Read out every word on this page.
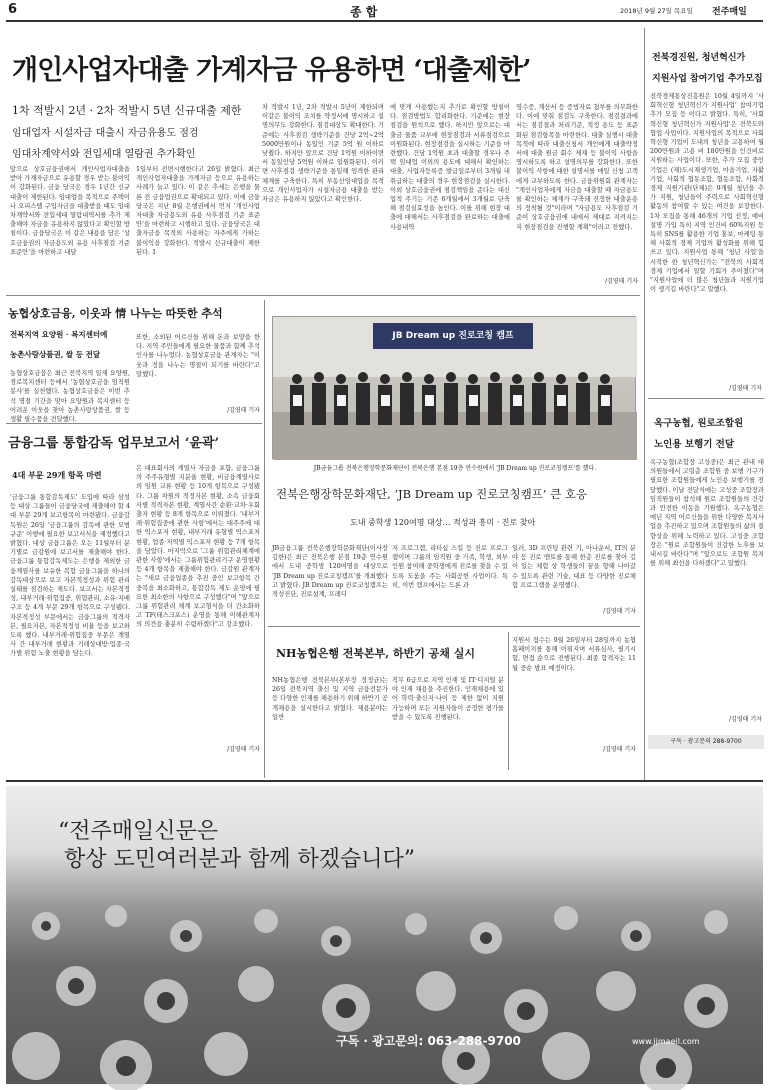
6	종 합	2018년 9월 27일 목요일 전주매일
개인사업자대출 가계자금 유용하면 ‘대출제한’
1차 적발시 2년 · 2차 적발시 5년 신규대출 제한
임대업자 시설자금 대출시 자금유용도 점검
임대차계약서와 전입세대 열람권 추가확인
앞으로 상호금융권에서 개인사업자대출을 받아 가계자금으로 유용할 경우 받는 불이익이 강화된다. 금융 당국은 경우 1년간 신규대출이 제한된다. 임대업을 목적으로 주택이나 오피스텔 구입자금을 대출받을 때도 임대차계약서와 전입세대 열람내역서를 추가 제출해야 자금을 유용하지 않았다고 확인할 방침이다. 금융당국은 이 같은 내용을 담은 '상호금융권의 자금용도외 유용 사후점검 기준 표준안'을 마련하고 내달
1일부터 전면시행한다고 26일 밝혔다. 최근 개인사업자대출을 가계자금 등으로 유용하는 사례가 늘고 있다. 이 같은 추세는 은행을 물론 전 금융업권으로 확대되고 있다. 이에 금융당국은 지난 8월 은행권에서 먼저 '개인사업자대출 자금용도외 유용 사후점검 기준 표준안'을 마련하고 시행하고 있다. 금융당국은 대출자금을 목적외 사용하는 자주에게 가하는 불이익을 강화한다. 적발시 신규대출이 제한된다. 1
차 적발시 1년, 2차 적발시 5년이 제한되며 이같은 불이익 조치를 약정서에 명시하고 설명의무도 강화한다. 점검대상도 확대한다. 기준에는 사후점검 생략기준을 건당 2억~2억 5000만원이나 동일인 기준 5억 원 이하로 낮췄다. 하지만 앞으로 건당 1억원 이하이면서 동일인당 5억원 이하로 일원화된다. 이러면 사후점검 생략기준을 통일해 엄격한 관리체계를 구축한다. 특히 부동산임대업을 목적으로 개인사업자가 시설자금용 대출을 받는 자금은 유용하지 않았다고 확인한다.
에 맞게 사용했는지 추가로 확인할 방침이다. 점검방법도 합리화한다. 기준에는 현장점검을 원칙으로 했다. 하지만 앞으로는 대출금 물품 교부에 현장점검과 서류점검으로 이원화된다. 현장점검을 실시하는 기준을 마련했다. 건당 1억원 초과 대출할 경우나 주택 임대업 이외의 용도에 대해서 확인하는 대출, 사업자등록증 발급일로부터 3개월 내 취급하는 대출의 경우 현장점검을 실시한다. 이외 상호금융권에 점검책임을 준다는 대신 업적 주기는 기존 6개월에서 3개월로 단축해 점검실효성을 높인다. 이를 위해 현장 대출에 대해서는 사후점검을 완료하는 대출에 사용내역
영수증, 계산서 등 증빙자료 첨부를 의무화한다. 이에 맞춰 점검도 구축한다. 점검결과에서는 점검결과 처리기준, 적정 용도 등 표준화된 점검항목을 마련한다. 대출 실행시 대출 목적에 따라 대출신청서 개인에게 대출약정서에 대출 원금 회수 제재 등 불이익 사항을 명시하도록 하고 설명의무를 강화한다. 또한 불이익 사항에 대한 설명서를 매일 신청 고객에게 교부하도록 한다. 금융위원회 관계자는 "개인사업자에게 자금을 대출할 때 자금용도를 확인하는 체계가 구축돼 진정한 대출운용의 정착될 것"이라며 "자금용도 사후점검 기준이 상호금융권에 내에서 제대로 지켜지는지 현장점검을 진행할 계획"이라고 전했다.
/김영태 기자
전북경진원, 청년혁신가
지원사업 참여기업 추가모집
전북경제통상진흥원은 10월 4일까지 '사회혁신형 청년혁신가 지원사업' 참여기업 추가 모집 등 이다고 밝혔다. 특히, '사회혁신형 청년혁신가 지원사업'은 전북도와 협업 사업이다. 지원사업의 목적으로 사회혁신형 기업이 도내의 청년을 고용하여 월 200만원과 고용 비 180만원을 인건비로 지원하는 사업이다. 또한, 추가 모집 중인 기업은 (재)도시재생기업, 마을기업, 자활기업, 사회적 협동조합, 협동조합, 사회적 경제 지원기관(단체)은 9개월 청년을 추가 지원, 청년들이 주력으로 사회혁신형 활동의 참여할 수 있는 여건을 보장한다. 1차 모집을 통해 46개의 기업 선정, 예비 설명 가입 특히 지역 인건비 60%지원 등 특히 SNS를 활용한 기업 홍보, 마케팅 통해 사회적 경제 기업의 활성화를 위해 힘쓰고 있다. 지원사업 통해 '청년 사업'을 시작한 한 청년혁신가는 "전북의 사회적 경제 기업에서 일할 기회가 주어졌다"며 "지원사업에 더 많은 청년들과 지원기업이 생기길 바란다"고 말했다.
/김영태 기자
농협상호금융, 이웃과 情 나누는 따뜻한 추석
전북지역 요양원 · 복지센터에
농촌사랑상품권, 쌀 등 전달
농협상호금융은 최근 전북지역 일제 요양원, 경로복지센터 등에서 '농협상호금융 임직원 봉사'를 실천했다. 농협상호금융은 이번 추석 명절 기간을 맞아 요양원과 복지센터 등 어려운 이웃을 찾아 농촌사랑상품권, 쌀 등 생활 필수품을 전달했다.
또한, 소외된 어르신들 위해 돈과 보양을 한다. 지역 주민들에게 필요한 물품과 함께 추석 인사를 나누었다. 농협상호금융 관계자는 "이웃과 정을 나누는 명절이 되기를 바란다"고 말했다.
/김영태 기자
금융그룹 통합감독 업무보고서 ‘윤곽’
4대 부문 29개 항목 마련
'금융그룹 통합감독제도' 도입에 따라 삼성 등 대상 그룹들이 금융당국에 제출해야 할 4대 부문 29개 보고항목이 마련됐다. 금융감독원은 26일 '금융그룹의 감독에 관한 모범규준' 이행에 필요한 보고서식을 제정했다고 밝혔다. 대상 금융그룹은 오는 11월부터 분기별로 금감원에 보고서를 제출해야 한다. 금융그룹 통합감독제도는 은행을 제외한 금융계열사를 보유한 복합 금융그룹을 하나의 감독대상으로 보고 자본적정성과 위험 관리 실태를 점검하는 제도다. 보고서는 자본적정성, 내부거래·위험집중, 위험관리, 소유·지배구조 등 4개 부문 29개 항목으로 구성됐다. 자본적정성 부문에서는 금융그룹의 적격자본, 필요자본, 자본적정성 비율 등을 보고하도록 했다. 내부거래·위험집중 부문은 계열사 간 내부거래 현황과 거래상대방·업종·국가별 위험 노출 현황을 담는다.
은 대표회사의 계열사 자금을 포함, 금융그룹의 주주유형별 지분율 현황, 비금융계열사로의 임원 교류 현황 등 10개 항목으로 구성됐다. 그룹 차원의 적정자본 현황, 소속 금융회사별 적격자본 현황, 계열사간 순환·교차·우회 출자 현황 등 8개 항목으로 이뤄졌다. '내부거래·위험집중에 관한 사항'에서는 대주주에 대한 익스포저 현황, 내부거래 유형별 익스포저 현황, 업종·지역별 익스포저 현황 등 7개 항목을 담았다. 마지막으로 '그룹 위험관리체계에 관한 사항'에서는 그룹위험관리기구 운영현황 등 4개 항목을 제출해야 한다. 금감원 관계자는 "새로 금융업종을 추진 중인 보고항목 간 중복을 최소화하고, 통합감독 제도 운영에 필요한 최소한의 사항으로 구성했다"며 "앞으로 그룹 위험관리 체계 보고형식을 더 간소화하고 TF(태스크포스) 운영을 통해 이해관계자의 의견을 충분히 수렴하겠다"고 강조했다.
/김영태 기자
JB Dream up 진로코칭 캠프
JB금융그룹 전북은행장학문화재단이 전북은행 본점 19층 연수원에서 'JB Dream up 진로코칭캠프'를 했다.
전북은행장학문화재단, ‘JB Dream up 진로코칭캠프’ 큰 호응
도내 중학생 120여명 대상… 적성과 흥미 · 진로 찾아
JB금융그룹 전북은행장학문화재단(이사장 김한)은 최근 전북은행 본점 19층 연수원에서 도내 중학생 120여명을 대상으로 'JB Dream up 진로코칭캠프'를 개최했다고 밝혔다. JB Dream up 진로코칭캠프는 적성진단, 진로설계, 프레디
저 프로그램, 리더십 스킬 등 진로 프로그램이며 그룹의 임직원 중 가족, 학생, 외부 인원 참여해 중학생에게 진로를 찾을 수 있도록 도움을 주는 사회공헌 사업이다. 특히, 이번 캠프에서는 드론 과
일러, 3D 프린팅 관련 기, 아나운서, IT의 분야 등 진로 멘토를 통해 한층 진로를 찾아 깊이 있는 체험 상 학생들의 꿈을 향해 나아갈 수 있도록 관련 기술, 대표 등 다양한 진로체험 프로그램을 운영했다.
/김영태 기자
NH농협은행 전북본부, 하반기 공채 실시
NH농협은행 전북본부(본부장 장정균)는 26일 전북지역 출신 및 지역 금융전문가 등 다양한 인재를 채용하기 위해 하반기 공개채용을 실시한다고 밝혔다. 채용분야는 일반
직무 6급으로 지역 인재 및 IT·디지털 분야 인재 채용을 추진한다. 인재채용에 있어 학력·출신지·나이 등 제한 없이 지원 가능하며 모든 지원자들이 공정한 평가를 받을 수 있도록 진행된다.
지원서 접수는 9월 26일부터 28일까지 농협 홈페이지를 통해 이뤄지며 서류심사, 필기시험, 면접 순으로 진행된다. 최종 합격자는 11월 중순 발표 예정이다.
/김영태 기자
옥구농협, 원로조합원
노인용 보행기 전달
옥구농협(조합장 고성중)은 최근 관내 대의원들에서 고령층 조합원 중 보행 기구가 필요한 조합원들에게 노인용 보행기를 전달했다. 이날 전달식에는 고성중 조합장과 임직원들이 참석해 원로 조합원들의 건강과 안전한 이동을 기원했다. 옥구농협은 매년 지역 어르신들을 위한 다양한 복지사업을 추진하고 있으며 조합원들의 삶의 질 향상을 위해 노력하고 있다. 고성중 조합장은 "원로 조합원들이 건강한 노후를 보내시길 바란다"며 "앞으로도 조합원 복지를 위해 최선을 다하겠다"고 말했다.
/김영태 기자
구독 · 광고문의 288-9700
“전주매일신문은
항상 도민여러분과 함께 하겠습니다”
구독 · 광고문의: 063-288-9700	www.jjmaeil.com
